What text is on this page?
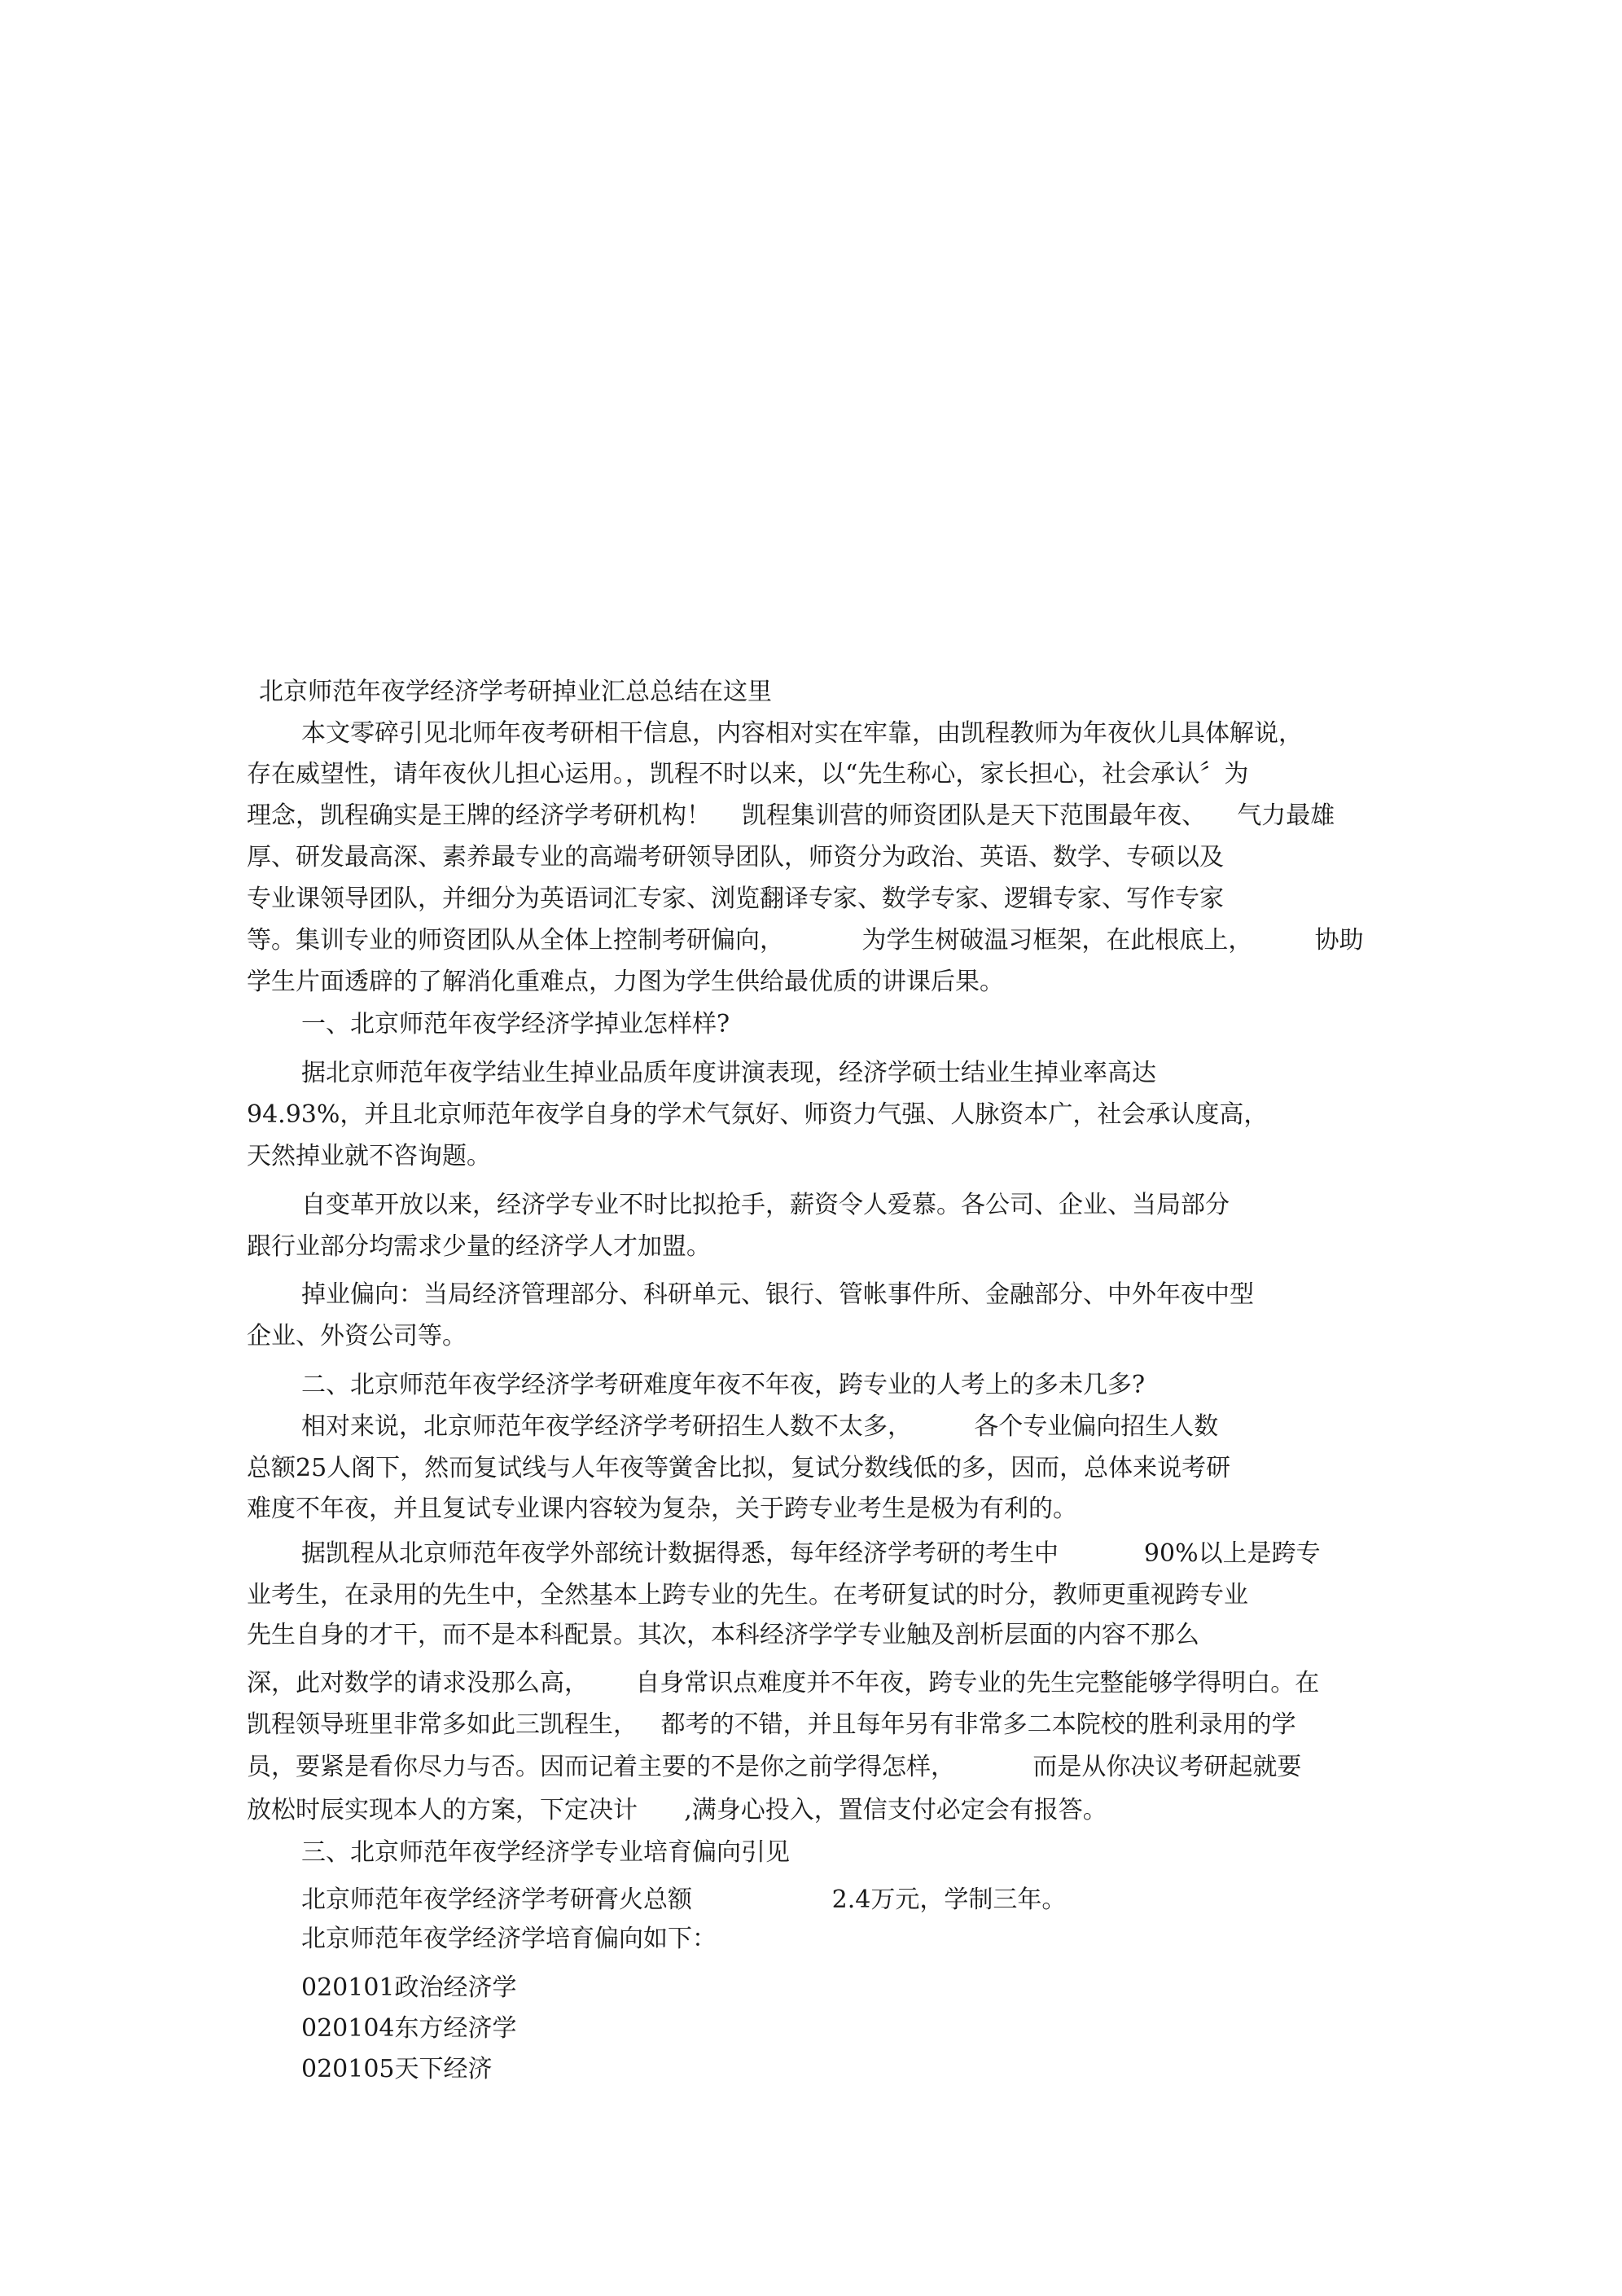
北京师范年夜学经济学考研掉业汇总总结在这里
本文零碎引见北师年夜考研相干信息，内容相对实在牢靠，由凯程教师为年夜伙儿具体解说，
存在威望性，请年夜伙儿担心运用。，凯程不时以来，以“先生称心，家长担心，社会承认〞为
理念，凯程确实是王牌的经济学考研机构！    凯程集训营的师资团队是天下范围最年夜、    气力最雄
厚、研发最高深、素养最专业的高端考研领导团队，师资分为政治、英语、数学、专硕以及
专业课领导团队，并细分为英语词汇专家、浏览翻译专家、数学专家、逻辑专家、写作专家
等。集训专业的师资团队从全体上控制考研偏向，          为学生树破温习框架，在此根底上，        协助
学生片面透辟的了解消化重难点，力图为学生供给最优质的讲课后果。
一、北京师范年夜学经济学掉业怎样样?
据北京师范年夜学结业生掉业品质年度讲演表现，经济学硕士结业生掉业率高达
94.93%，并且北京师范年夜学自身的学术气氛好、师资力气强、人脉资本广，社会承认度高，
天然掉业就不咨询题。
自变革开放以来，经济学专业不时比拟抢手，薪资令人爱慕。各公司、企业、当局部分
跟行业部分均需求少量的经济学人才加盟。
掉业偏向：当局经济管理部分、科研单元、银行、管帐事件所、金融部分、中外年夜中型
企业、外资公司等。
二、北京师范年夜学经济学考研难度年夜不年夜，跨专业的人考上的多未几多?
相对来说，北京师范年夜学经济学考研招生人数不太多，        各个专业偏向招生人数
总额25人阁下，然而复试线与人年夜等黉舍比拟，复试分数线低的多，因而，总体来说考研
难度不年夜，并且复试专业课内容较为复杂，关于跨专业考生是极为有利的。
据凯程从北京师范年夜学外部统计数据得悉，每年经济学考研的考生中           90%以上是跨专
业考生，在录用的先生中，全然基本上跨专业的先生。在考研复试的时分，教师更重视跨专业
先生自身的才干，而不是本科配景。其次，本科经济学学专业触及剖析层面的内容不那么
深，此对数学的请求没那么高，      自身常识点难度并不年夜，跨专业的先生完整能够学得明白。在
凯程领导班里非常多如此三凯程生，   都考的不错，并且每年另有非常多二本院校的胜利录用的学
员，要紧是看你尽力与否。因而记着主要的不是你之前学得怎样，          而是从你决议考研起就要
放松时辰实现本人的方案，下定决计      ,满身心投入，置信支付必定会有报答。
三、北京师范年夜学经济学专业培育偏向引见
北京师范年夜学经济学考研膏火总额                  2.4万元，学制三年。
北京师范年夜学经济学培育偏向如下：
020101政治经济学
020104东方经济学
020105天下经济
